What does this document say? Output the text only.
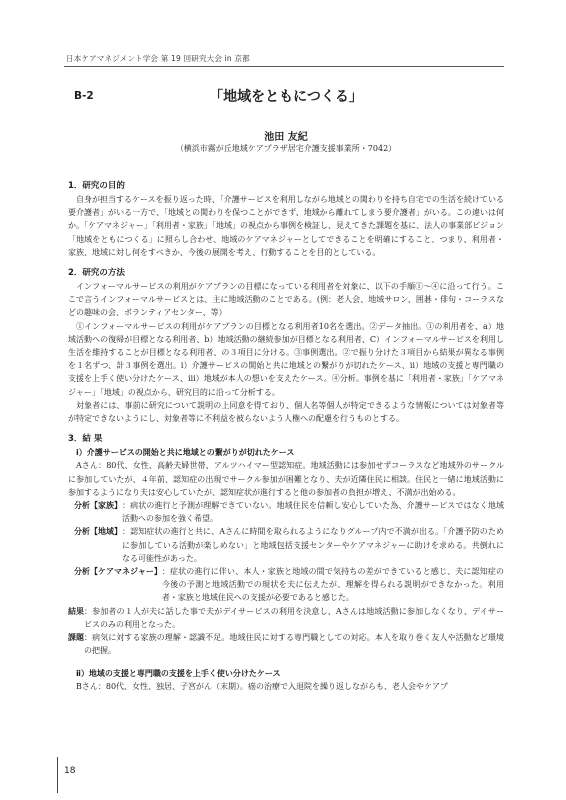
日本ケアマネジメント学会 第 19 回研究大会 in 京都
「地域をともにつくる」
B-2
池田 友紀
（横浜市霧が丘地域ケアプラザ居宅介護支援事業所・7042）

1．研究の目的

自身が担当するケースを振り返った時、「介護サービスを利用しながら地域との関わりを持ち自宅での生活を続けている要介護者」がいる一方で、「地域との関わりを保つことができず、地域から離れてしまう要介護者」がいる。この違いは何か。「ケアマネジャー」「利用者・家族」「地域」の視点から事例を検証し、見えてきた課題を基に、法人の事業部ビジョン「地域をともにつくる」に照らし合わせ、地域のケアマネジャーとしてできることを明確にすること、つまり、利用者・家族、地域に対し何をすべきか、今後の展開を考え、行動することを目的としている。

2．研究の方法

インフォーマルサービスの利用がケアプランの目標になっている利用者を対象に、以下の手順①～④に沿って行う。ここで言うインフォーマルサービスとは、主に地域活動のことである。(例：老人会、地域サロン、囲碁・俳句・コーラスなどの趣味の会、ボランティアセンター、等）

①インフォーマルサービスの利用がケアプランの目標となる利用者10名を選出。②データ抽出。①の利用者を、a）地域活動への復帰が目標となる利用者、b）地域活動の継続参加が目標となる利用者、C）インフォーマルサービスを利用し生活を維持することが目標となる利用者、の３項目に分ける。③事例選出。②で振り分けた３項目から結果が異なる事例を１名ずつ、計３事例を選出。ⅰ）介護サービスの開始と共に地域との繋がりが切れたケース、ⅱ）地域の支援と専門職の支援を上手く使い分けたケース、ⅲ）地域が本人の想いを支えたケース。④分析。事例を基に「利用者・家族」「ケアマネジャー」「地域」の視点から、研究目的に沿って分析する。

対象者には、事前に研究について説明の上同意を得ており、個人名等個人が特定できるような情報については対象者等が特定できないようにし、対象者等に不利益を被らないよう人権への配慮を行うものとする。

3．結 果

ⅰ）介護サービスの開始と共に地域との繋がりが切れたケース

Aさん：80代、女性、高齢夫婦世帯、アルツハイマー型認知症。地域活動には参加せずコーラスなど地域外のサークルに参加していたが、４年前、認知症の出現でサークル参加が困難となり、夫が近隣住民に相談。住民と一緒に地域活動に参加するようになり夫は安心していたが、認知症状が進行すると他の参加者の負担が増え、不満が出始める。

分析【家族】 ：病状の進行と予測が理解できていない。地域住民を信頼し安心していた為、介護サービスではなく地域活動への参加を強く希望。
分析【地域】 ：認知症状の進行と共に、Aさんに時間を取られるようになりグループ内で不満が出る。「介護予防のために参加している活動が楽しめない」と地域包括支援センターやケアマネジャーに助けを求める。共倒れになる可能性があった。
分析【ケアマネジャー】 ：症状の進行に伴い、本人・家族と地域の間で気持ちの差ができていると感じ、夫に認知症の今後の予測と地域活動での現状を夫に伝えたが、理解を得られる説明ができなかった。利用者・家族と地域住民への支援が必要であると感じた。
結果 ：参加者の１人が夫に話した事で夫がデイサービスの利用を決意し、Aさんは地域活動に参加しなくなり、デイサービスのみの利用となった。
課題 ：病気に対する家族の理解・認識不足。地域住民に対する専門職としての対応。本人を取り巻く友人や活動など環境の把握。

ⅱ）地域の支援と専門職の支援を上手く使い分けたケース

Bさん：80代、女性、独居、子宮がん（末期）。癌の治療で入退院を繰り返しながらも、老人会やケアプ

18
